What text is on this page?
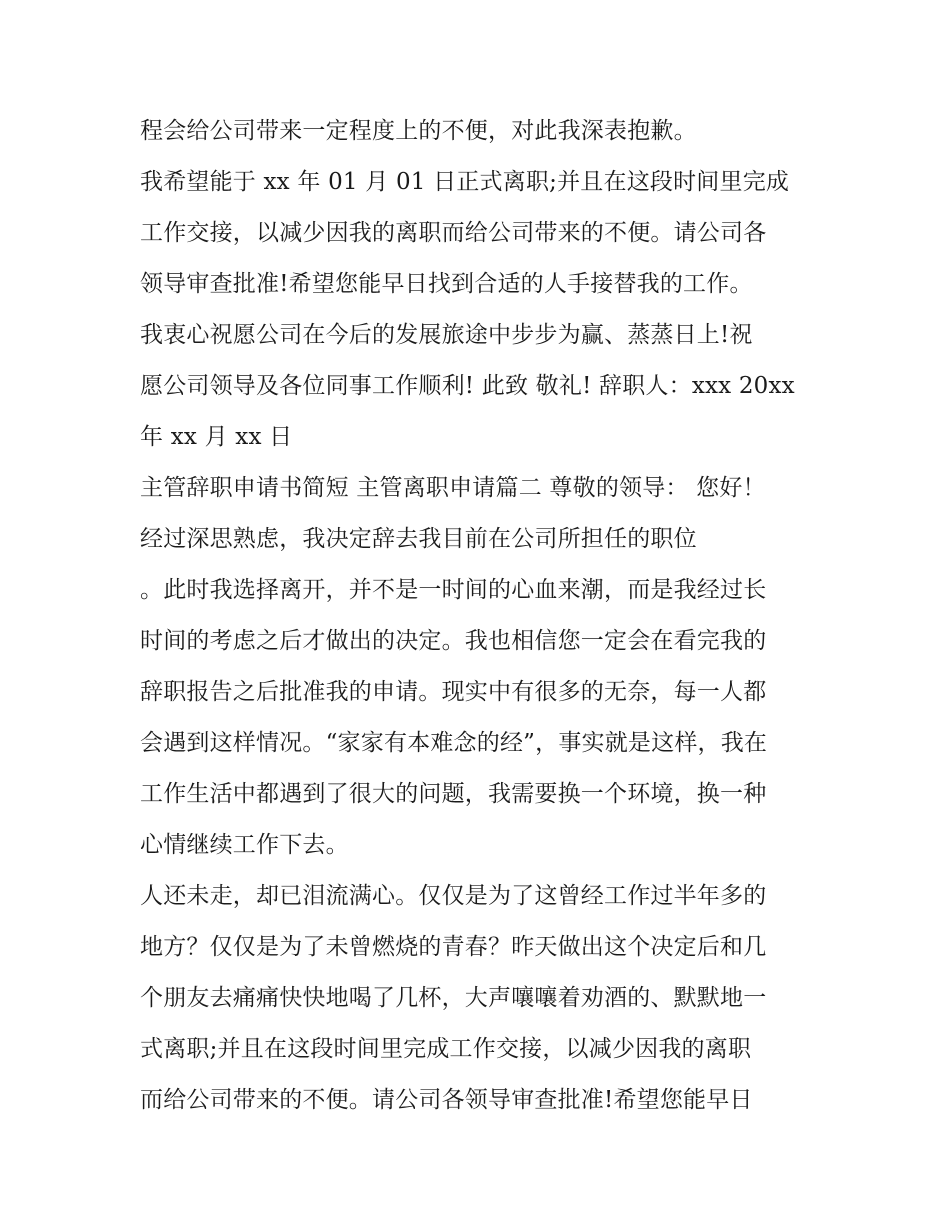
程会给公司带来一定程度上的不便，对此我深表抱歉。
我希望能于 xx 年 01 月 01 日正式离职;并且在这段时间里完成
工作交接，以减少因我的离职而给公司带来的不便。请公司各
领导审查批准!希望您能早日找到合适的人手接替我的工作。
我衷心祝愿公司在今后的发展旅途中步步为赢、蒸蒸日上!祝
愿公司领导及各位同事工作顺利! 此致 敬礼! 辞职人：xxx 20xx
年 xx 月 xx 日
主管辞职申请书简短 主管离职申请篇二 尊敬的领导： 您好！
经过深思熟虑，我决定辞去我目前在公司所担任的职位
。此时我选择离开，并不是一时间的心血来潮，而是我经过长
时间的考虑之后才做出的决定。我也相信您一定会在看完我的
辞职报告之后批准我的申请。现实中有很多的无奈，每一人都
会遇到这样情况。“家家有本难念的经”，事实就是这样，我在
工作生活中都遇到了很大的问题，我需要换一个环境，换一种
心情继续工作下去。
人还未走，却已泪流满心。仅仅是为了这曾经工作过半年多的
地方？仅仅是为了未曾燃烧的青春？昨天做出这个决定后和几
个朋友去痛痛快快地喝了几杯，大声嚷嚷着劝酒的、默默地一
式离职;并且在这段时间里完成工作交接，以减少因我的离职
而给公司带来的不便。请公司各领导审查批准!希望您能早日
